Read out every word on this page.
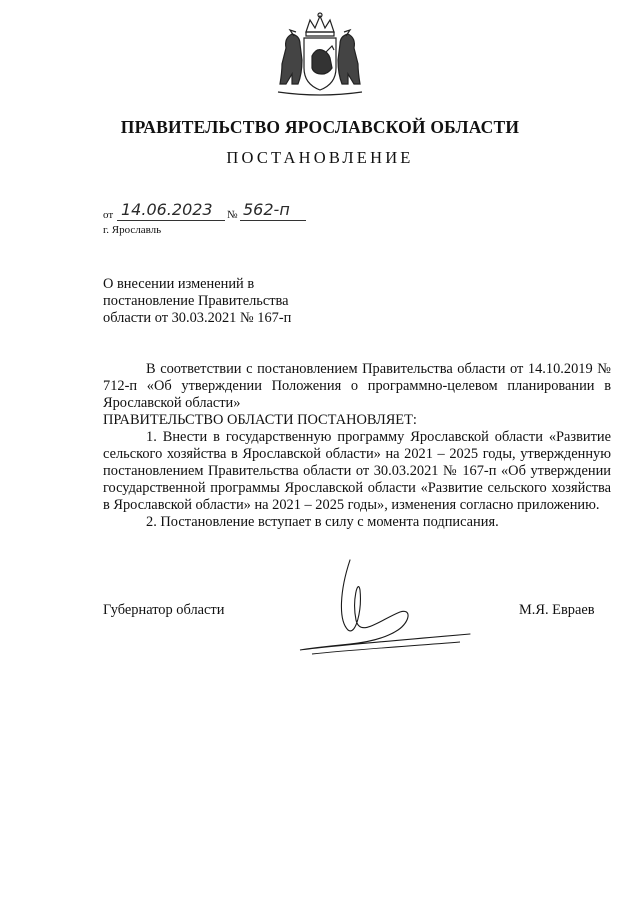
ПРАВИТЕЛЬСТВО ЯРОСЛАВСКОЙ ОБЛАСТИ
ПОСТАНОВЛЕНИЕ
от 14.06.2023 № 562-п
г. Ярославль
О внесении изменений в
постановление Правительства
области от 30.03.2021 № 167-п

В соответствии с постановлением Правительства области от 14.10.2019 № 712-п «Об утверждении Положения о программно-целевом планировании в Ярославской области»

ПРАВИТЕЛЬСТВО ОБЛАСТИ ПОСТАНОВЛЯЕТ:

1. Внести в государственную программу Ярославской области «Развитие сельского хозяйства в Ярославской области» на 2021 – 2025 годы, утвержденную постановлением Правительства области от 30.03.2021 № 167-п «Об утверждении государственной программы Ярославской области «Развитие сельского хозяйства в Ярославской области» на 2021 – 2025 годы», изменения согласно приложению.

2. Постановление вступает в силу с момента подписания.

Губернатор области	М.Я. Евраев
